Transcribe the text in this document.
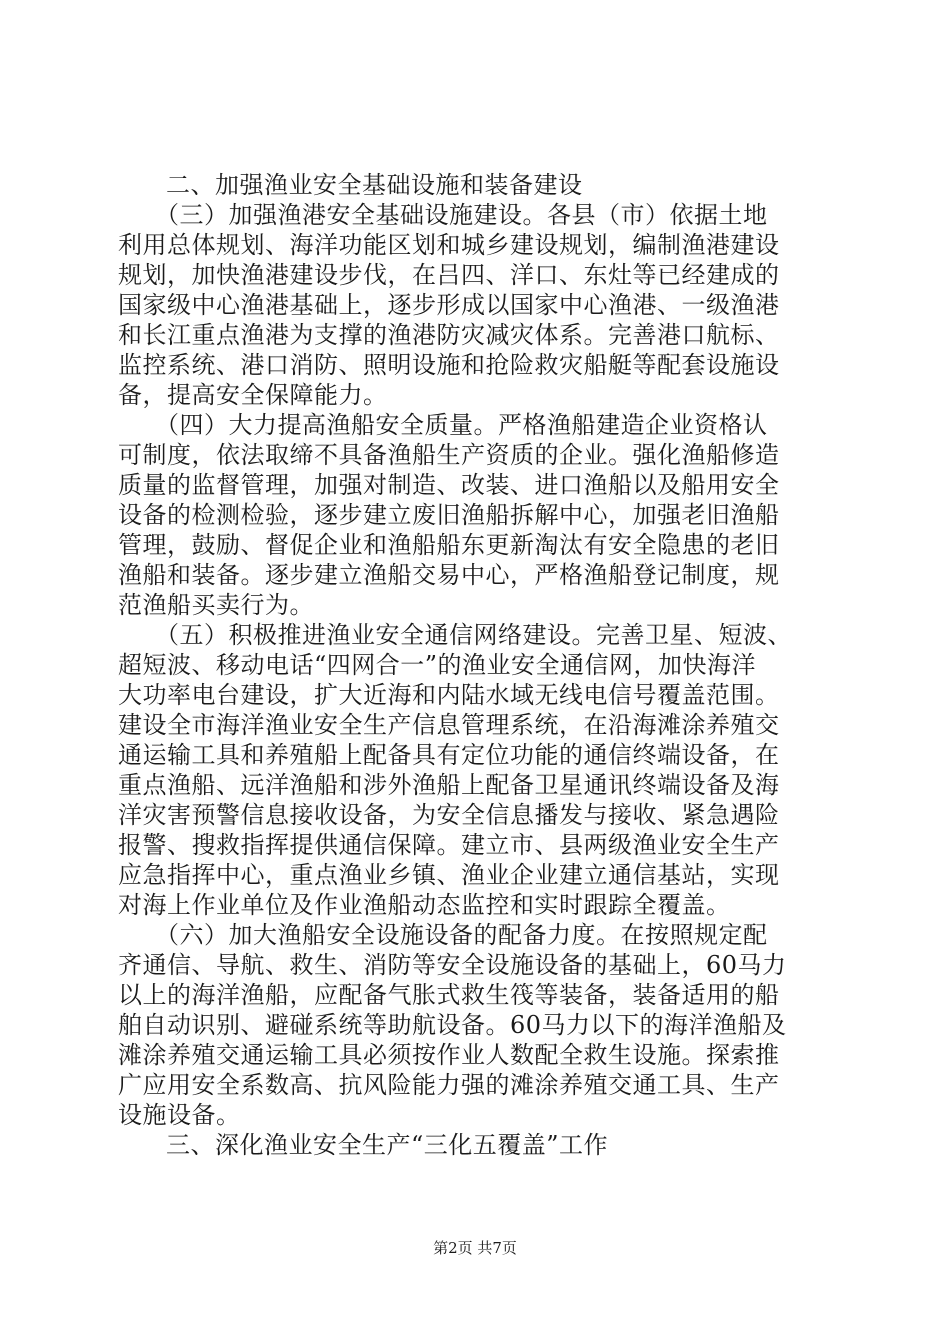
二、加强渔业安全基础设施和装备建设
　　（三）加强渔港安全基础设施建设。各县（市）依据土地
利用总体规划、海洋功能区划和城乡建设规划，编制渔港建设
规划，加快渔港建设步伐，在吕四、洋口、东灶等已经建成的
国家级中心渔港基础上，逐步形成以国家中心渔港、一级渔港
和长江重点渔港为支撑的渔港防灾减灾体系。完善港口航标、
监控系统、港口消防、照明设施和抢险救灾船艇等配套设施设
备，提高安全保障能力。
　　（四）大力提高渔船安全质量。严格渔船建造企业资格认
可制度，依法取缔不具备渔船生产资质的企业。强化渔船修造
质量的监督管理，加强对制造、改装、进口渔船以及船用安全
设备的检测检验，逐步建立废旧渔船拆解中心，加强老旧渔船
管理，鼓励、督促企业和渔船船东更新淘汰有安全隐患的老旧
渔船和装备。逐步建立渔船交易中心，严格渔船登记制度，规
范渔船买卖行为。
　　（五）积极推进渔业安全通信网络建设。完善卫星、短波、
超短波、移动电话“四网合一”的渔业安全通信网，加快海洋
大功率电台建设，扩大近海和内陆水域无线电信号覆盖范围。
建设全市海洋渔业安全生产信息管理系统，在沿海滩涂养殖交
通运输工具和养殖船上配备具有定位功能的通信终端设备，在
重点渔船、远洋渔船和涉外渔船上配备卫星通讯终端设备及海
洋灾害预警信息接收设备，为安全信息播发与接收、紧急遇险
报警、搜救指挥提供通信保障。建立市、县两级渔业安全生产
应急指挥中心，重点渔业乡镇、渔业企业建立通信基站，实现
对海上作业单位及作业渔船动态监控和实时跟踪全覆盖。
　　（六）加大渔船安全设施设备的配备力度。在按照规定配
齐通信、导航、救生、消防等安全设施设备的基础上，60马力
以上的海洋渔船，应配备气胀式救生筏等装备，装备适用的船
舶自动识别、避碰系统等助航设备。60马力以下的海洋渔船及
滩涂养殖交通运输工具必须按作业人数配全救生设施。探索推
广应用安全系数高、抗风险能力强的滩涂养殖交通工具、生产
设施设备。
三、深化渔业安全生产“三化五覆盖”工作
第2页 共7页
